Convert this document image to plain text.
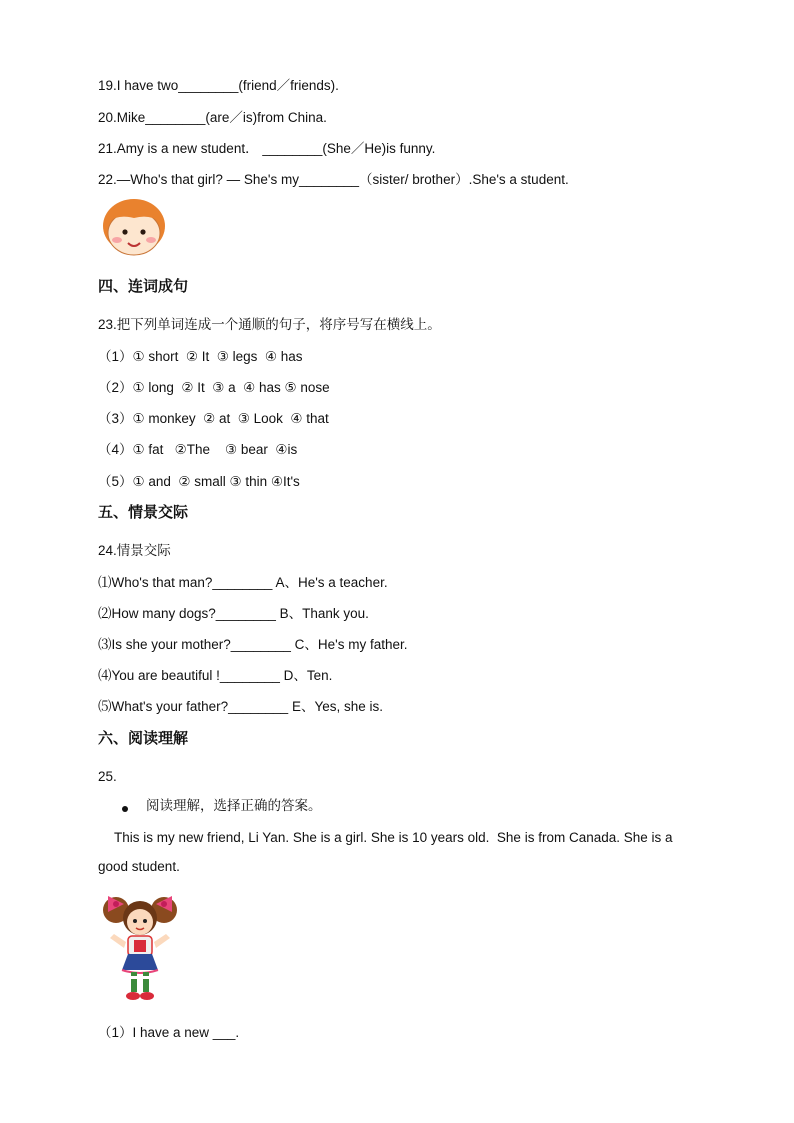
19.I have two________(friend／friends).
20.Mike________(are／is)from China.
21.Amy is a new student． ________(She／He)is funny.
22.—Who's that girl? — She's my________（sister/ brother）.She's a student.
四、连词成句
23.把下列单词连成一个通顺的句子，将序号写在横线上。
（1）① short  ② It  ③ legs  ④ has
（2）① long  ② It  ③ a  ④ has ⑤ nose
（3）① monkey  ② at  ③ Look  ④ that
（4）① fat   ②The    ③ bear  ④is
（5）① and  ② small ③ thin ④It's
五、情景交际
24.情景交际
⑴Who's that man?________ A、He's a teacher.
⑵How many dogs?________ B、Thank you.
⑶Is she your mother?________ C、He's my father.
⑷You are beautiful !________ D、Ten.
⑸What's your father?________ E、Yes, she is.
六、阅读理解
25.
阅读理解，选择正确的答案。
This is my new friend, Li Yan. She is a girl. She is 10 years old.  She is from Canada. She is a
good student.
（1）I have a new ___.
